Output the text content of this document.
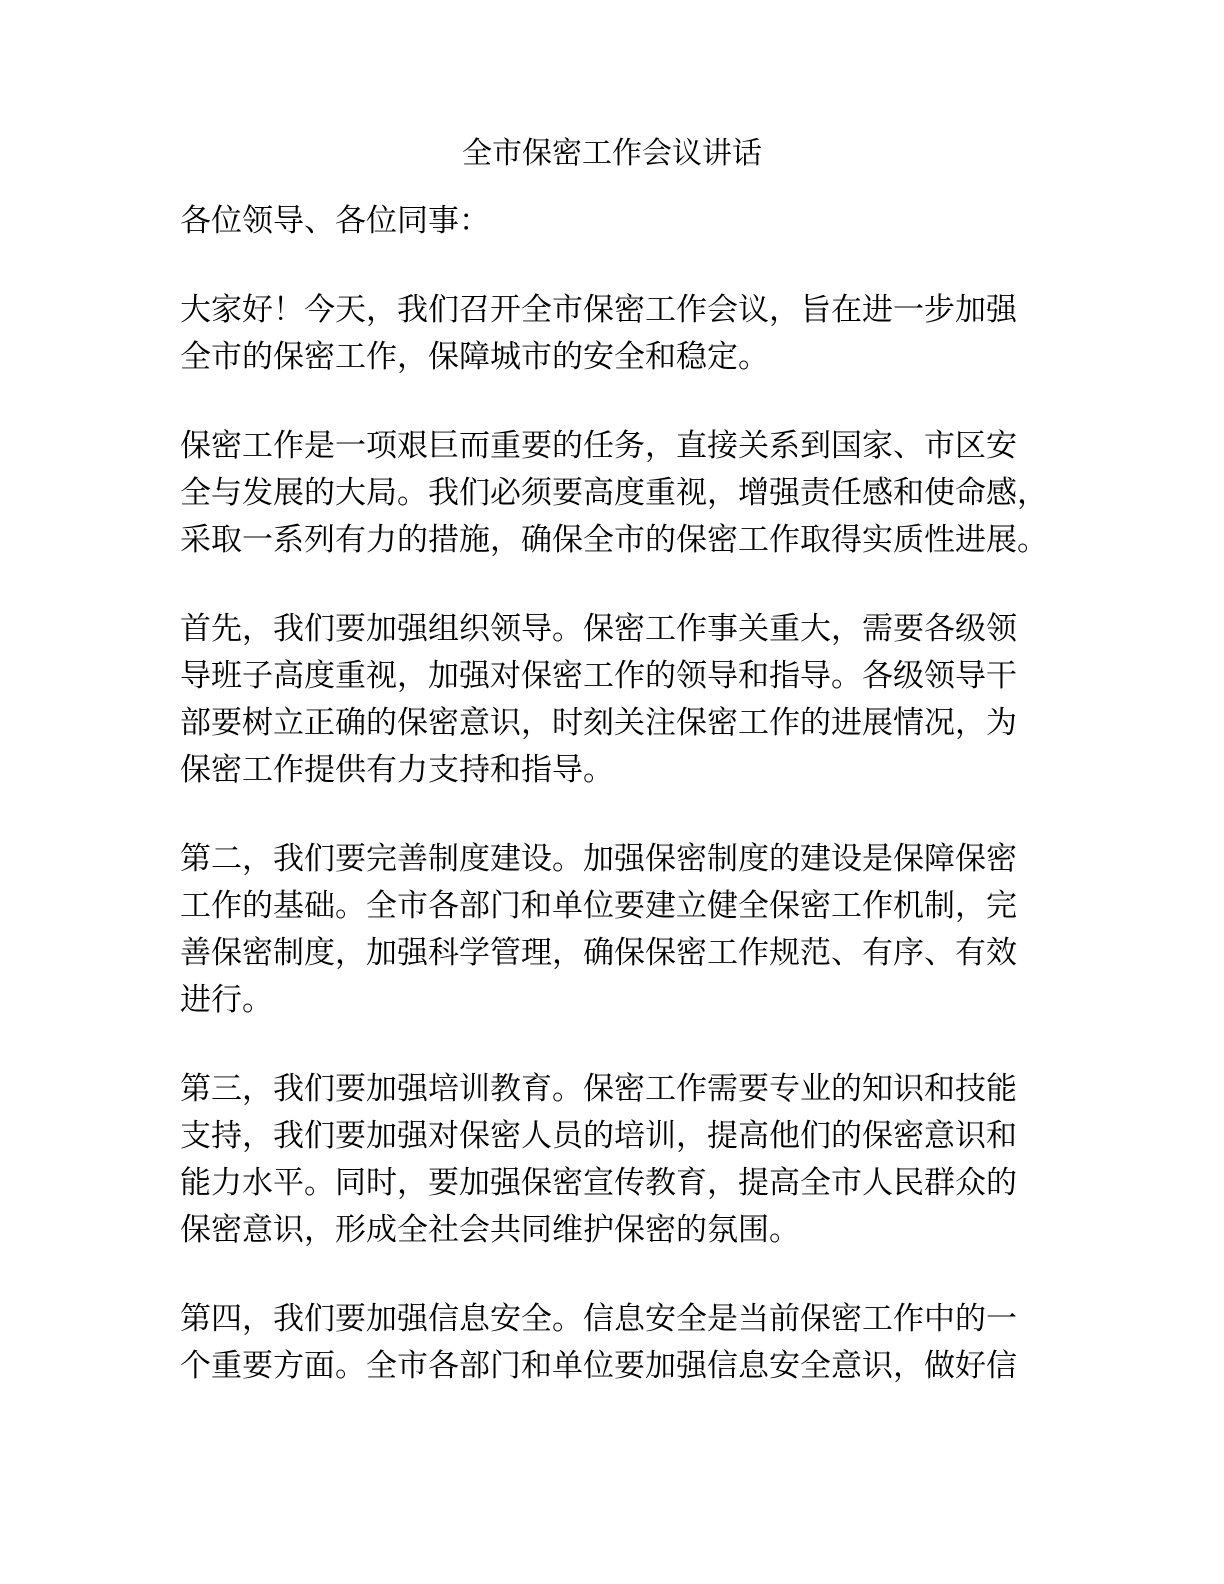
全市保密工作会议讲话

各位领导、各位同事：

大家好！今天，我们召开全市保密工作会议，旨在进一步加强
全市的保密工作，保障城市的安全和稳定。

保密工作是一项艰巨而重要的任务，直接关系到国家、市区安
全与发展的大局。我们必须要高度重视，增强责任感和使命感，
采取一系列有力的措施，确保全市的保密工作取得实质性进展。

首先，我们要加强组织领导。保密工作事关重大，需要各级领
导班子高度重视，加强对保密工作的领导和指导。各级领导干
部要树立正确的保密意识，时刻关注保密工作的进展情况，为
保密工作提供有力支持和指导。

第二，我们要完善制度建设。加强保密制度的建设是保障保密
工作的基础。全市各部门和单位要建立健全保密工作机制，完
善保密制度，加强科学管理，确保保密工作规范、有序、有效
进行。

第三，我们要加强培训教育。保密工作需要专业的知识和技能
支持，我们要加强对保密人员的培训，提高他们的保密意识和
能力水平。同时，要加强保密宣传教育，提高全市人民群众的
保密意识，形成全社会共同维护保密的氛围。

第四，我们要加强信息安全。信息安全是当前保密工作中的一
个重要方面。全市各部门和单位要加强信息安全意识，做好信
